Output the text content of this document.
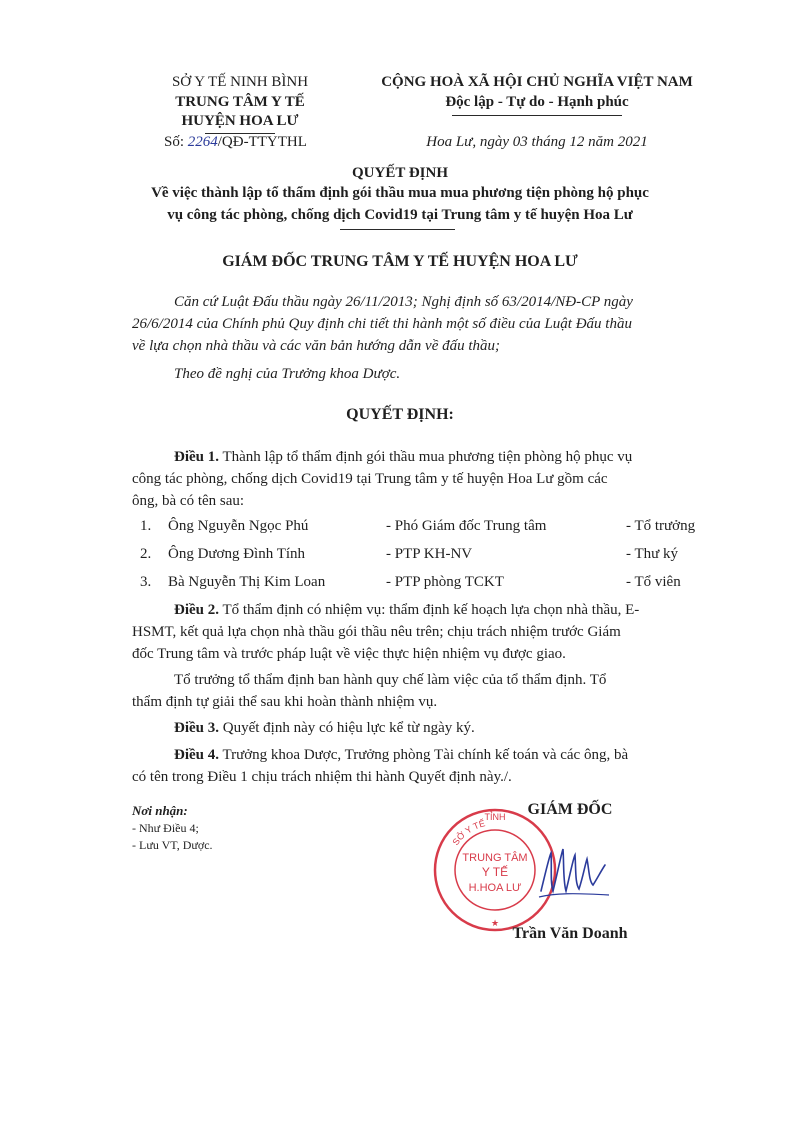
SỞ Y TẾ NINH BÌNH
TRUNG TÂM Y TẾ
HUYỆN HOA LƯ
Số: 2264/QĐ-TTYTHL
CỘNG HOÀ XÃ HỘI CHỦ NGHĨA VIỆT NAM
Độc lập - Tự do - Hạnh phúc
Hoa Lư, ngày 03 tháng 12 năm 2021
QUYẾT ĐỊNH
Về việc thành lập tổ thẩm định gói thầu mua mua phương tiện phòng hộ phục
vụ công tác phòng, chống dịch Covid19 tại Trung tâm y tế huyện Hoa Lư
GIÁM ĐỐC TRUNG TÂM Y TẾ HUYỆN HOA LƯ
Căn cứ Luật Đấu thầu ngày 26/11/2013; Nghị định số 63/2014/NĐ-CP ngày
26/6/2014 của Chính phủ Quy định chi tiết thi hành một số điều của Luật Đấu thầu
về lựa chọn nhà thầu và các văn bản hướng dẫn về đấu thầu;
Theo đề nghị của Trưởng khoa Dược.
QUYẾT ĐỊNH:
Điều 1. Thành lập tổ thẩm định gói thầu mua phương tiện phòng hộ phục vụ
công tác phòng, chống dịch Covid19 tại Trung tâm y tế huyện Hoa Lư gồm các
ông, bà có tên sau:
1. Ông Nguyễn Ngọc Phú	- Phó Giám đốc Trung tâm	- Tổ trưởng
2. Ông Dương Đình Tính	- PTP KH-NV	- Thư ký
3. Bà Nguyễn Thị Kim Loan	- PTP phòng TCKT	- Tổ viên
Điều 2. Tổ thẩm định có nhiệm vụ: thẩm định kế hoạch lựa chọn nhà thầu, E-
HSMT, kết quả lựa chọn nhà thầu gói thầu nêu trên; chịu trách nhiệm trước Giám
đốc Trung tâm và trước pháp luật về việc thực hiện nhiệm vụ được giao.
Tổ trưởng tổ thẩm định ban hành quy chế làm việc của tổ thẩm định. Tổ
thẩm định tự giải thể sau khi hoàn thành nhiệm vụ.
Điều 3. Quyết định này có hiệu lực kể từ ngày ký.
Điều 4. Trưởng khoa Dược, Trưởng phòng Tài chính kế toán và các ông, bà
có tên trong Điều 1 chịu trách nhiệm thi hành Quyết định này./.
Nơi nhận:
- Như Điều 4;
- Lưu VT, Dược.
GIÁM ĐỐC
SỞ Y TẾ
TỈNH
TRUNG TÂM
Y TẾ
H.HOA LƯ
★
Trần Văn Doanh
